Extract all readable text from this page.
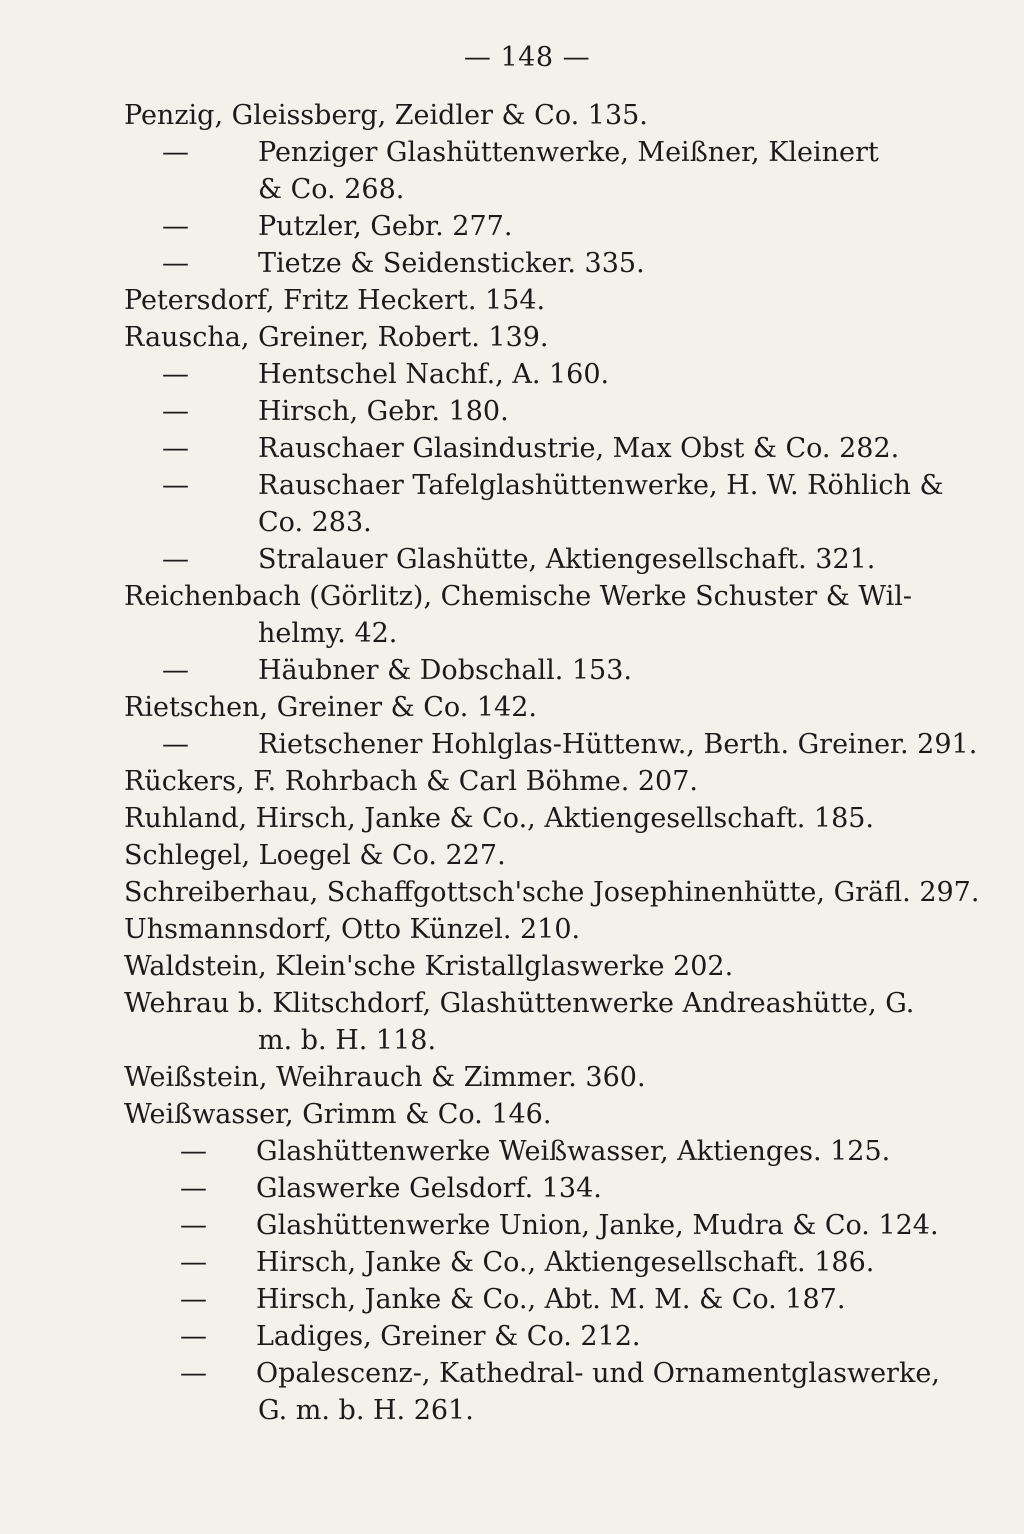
— 148 —
Penzig, Gleissberg, Zeidler & Co. 135.
—	Penziger Glashüttenwerke, Meißner, Kleinert
& Co. 268.
—	Putzler, Gebr. 277.
—	Tietze & Seidensticker. 335.
Petersdorf, Fritz Heckert. 154.
Rauscha, Greiner, Robert. 139.
—	Hentschel Nachf., A. 160.
—	Hirsch, Gebr. 180.
—	Rauschaer Glasindustrie, Max Obst & Co. 282.
—	Rauschaer Tafelglashüttenwerke, H. W. Röhlich &
Co. 283.
—	Stralauer Glashütte, Aktiengesellschaft. 321.
Reichenbach (Görlitz), Chemische Werke Schuster & Wil-
helmy. 42.
—	Häubner & Dobschall. 153.
Rietschen, Greiner & Co. 142.
—	Rietschener Hohlglas-Hüttenw., Berth. Greiner. 291.
Rückers, F. Rohrbach & Carl Böhme. 207.
Ruhland, Hirsch, Janke & Co., Aktiengesellschaft. 185.
Schlegel, Loegel & Co. 227.
Schreiberhau, Schaffgottsch'sche Josephinenhütte, Gräfl. 297.
Uhsmannsdorf, Otto Künzel. 210.
Waldstein, Klein'sche Kristallglaswerke 202.
Wehrau b. Klitschdorf, Glashüttenwerke Andreashütte, G.
m. b. H. 118.
Weißstein, Weihrauch & Zimmer. 360.
Weißwasser, Grimm & Co. 146.
—	Glashüttenwerke Weißwasser, Aktienges. 125.
—	Glaswerke Gelsdorf. 134.
—	Glashüttenwerke Union, Janke, Mudra & Co. 124.
—	Hirsch, Janke & Co., Aktiengesellschaft. 186.
—	Hirsch, Janke & Co., Abt. M. M. & Co. 187.
—	Ladiges, Greiner & Co. 212.
—	Opalescenz-, Kathedral- und Ornamentglaswerke,
G. m. b. H. 261.
